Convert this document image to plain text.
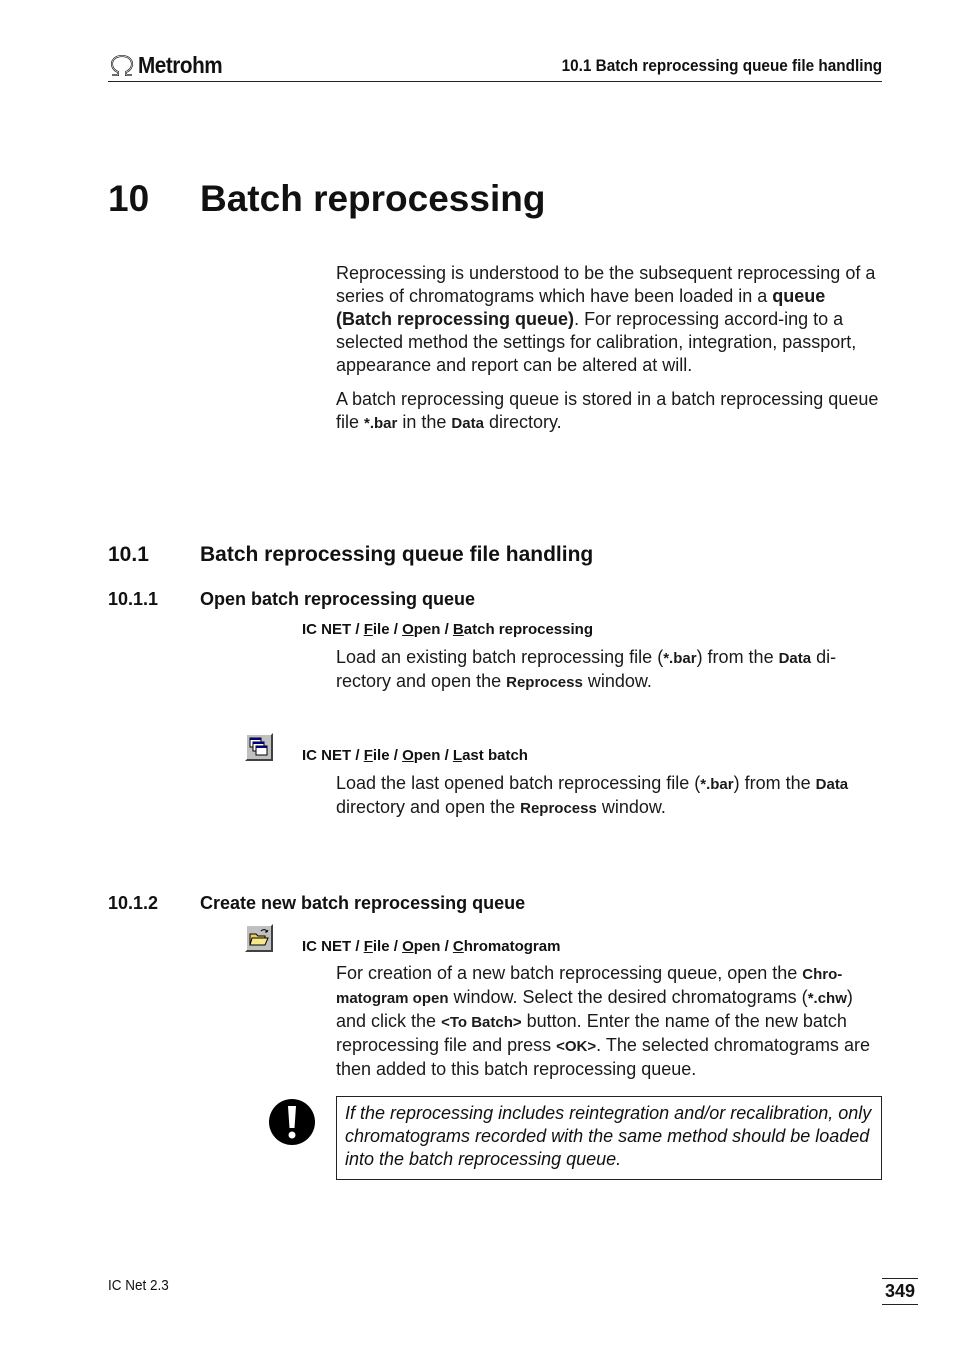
Metrohm	10.1 Batch reprocessing queue file handling
10 Batch reprocessing
Reprocessing is understood to be the subsequent reprocessing of a series of chromatograms which have been loaded in a queue (Batch reprocessing queue). For reprocessing accord-ing to a selected method the settings for calibration, integration, passport, appearance and report can be altered at will.
A batch reprocessing queue is stored in a batch reprocessing queue file *.bar in the Data directory.
10.1 Batch reprocessing queue file handling
10.1.1 Open batch reprocessing queue
IC NET / File / Open / Batch reprocessing
Load an existing batch reprocessing file (*.bar) from the Data di-rectory and open the Reprocess window.
IC NET / File / Open / Last batch
Load the last opened batch reprocessing file (*.bar) from the Data directory and open the Reprocess window.
10.1.2 Create new batch reprocessing queue
IC NET / File / Open / Chromatogram
For creation of a new batch reprocessing queue, open the Chro-matogram open window. Select the desired chromatograms (*.chw) and click the <To Batch> button. Enter the name of the new batch reprocessing file and press <OK>. The selected chromatograms are then added to this batch reprocessing queue.
If the reprocessing includes reintegration and/or recalibration, only chromatograms recorded with the same method should be loaded into the batch reprocessing queue.
IC Net 2.3	349
